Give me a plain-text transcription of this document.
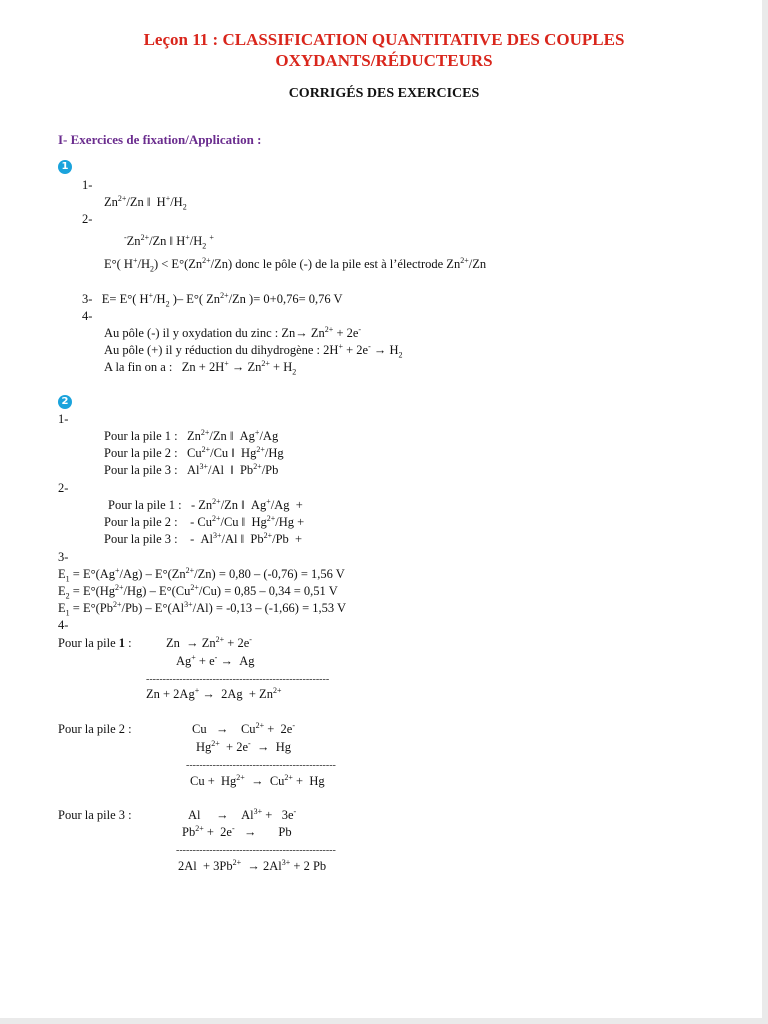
Leçon 11 : CLASSIFICATION QUANTITATIVE DES COUPLES
OXYDANTS/RÉDUCTEURS
CORRIGÉS DES EXERCICES
I- Exercices de fixation/Application :
1
1-
$Zn^{2+}/Zn$ ǁ  $H^+/H_2$
2-
$^-Zn^{2+}/Zn$ ǁ $H^+/H_2$ +
E°( $H^+/H_2) < E^\circ(Zn^{2+}/Zn)$ donc le pôle (-) de la pile est à l’électrode $Zn^{2+}/Zn$
3-   E= E°( $H^+/H_2$ )– E°( $Zn^{2+}/Zn$ )= 0+0,76= 0,76 V
4-
Au pôle (-) il y oxydation du zinc : $Zn\to Zn^{2+} + 2e^-$
Au pôle (+) il y réduction du dihydrogène : $2H^+ + 2e^- \to H_2$
A la fin on a :   $Zn + 2H^+ \to Zn^{2+} + H_2$
2
1-
Pour la pile 1 :   $Zn^{2+}/Zn$ ǁ  Ag+/Ag
Pour la pile 2 :   $Cu^{2+}/Cu$ ǁ  $Hg^{2+}/Hg$
Pour la pile 3 :   $Al^{3+}/Al$  ǁ  $Pb^{2+}/Pb$
2-
Pour la pile 1 :   - $Zn^{2+}/Zn$ ǁ  Ag+/Ag  +
Pour la pile 2 :    - $Cu^{2+}/Cu$ ǁ  $Hg^{2+}/Hg$ +
Pour la pile 3 :    -  $Al^{3+}/Al$ ǁ  $Pb^{2+}/Pb$  +
3-
$E_1 = E^\circ(Ag^+/Ag) - E^\circ(Zn^{2+}/Zn) = 0,80 - (-0,76) = 1,56$ V
$E_2 = E^\circ(Hg^{2+}/Hg) - E^\circ(Cu^{2+}/Cu) = 0,85 - 0,34 = 0,51$ V
$E_1 = E^\circ(Pb^{2+}/Pb) - E^\circ(Al^{3+}/Al) = -0,13 - (-1,66) = 1,53$ V
4-
Pour la pile 1 :	$Zn \to Zn^{2+} + 2e^-$
Ag+ + e- →  Ag
-------------------------------------------------------
$Zn + 2Ag^+ \to 2Ag + Zn^{2+}$
Pour la pile 2 :	Cu   →    $Cu^{2+} + 2e^-$
$Hg^{2+} + 2e^- \to Hg$
---------------------------------------------
$Cu + Hg^{2+} \to Cu^{2+} + Hg$
Pour la pile 3 :	Al     →    $Al^{3+} + 3e^-$
$Pb^{2+} + 2e^-$   →       Pb
------------------------------------------------
$2Al + 3Pb^{2+} \to 2Al^{3+} + 2$ Pb
